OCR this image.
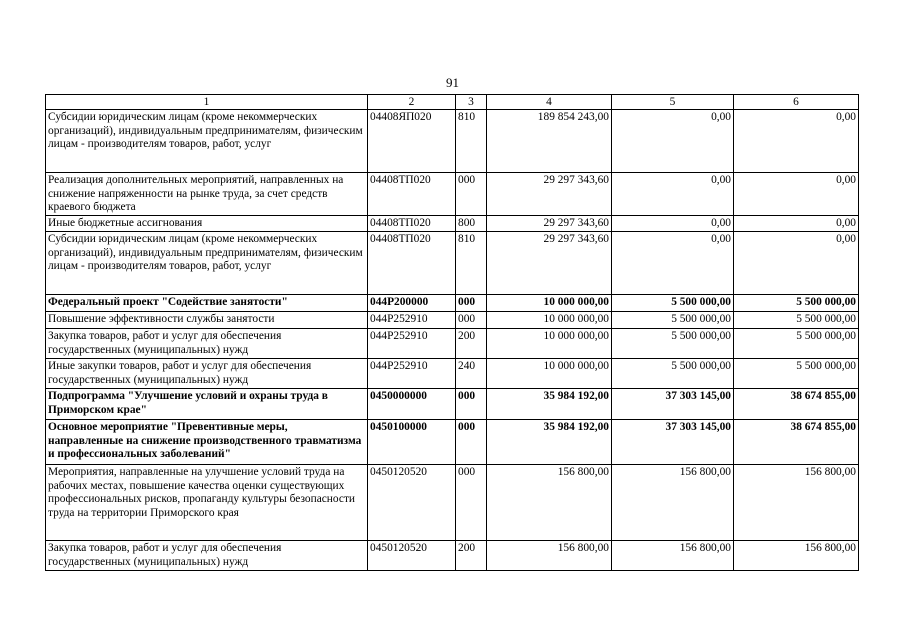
91
1	2	3	4	5	6
Субсидии юридическим лицам (кроме некоммерческих организаций), индивидуальным предпринимателям, физическим лицам - производителям товаров, работ, услуг	04408ЯП020	810	189 854 243,00	0,00	0,00
Реализация дополнительных мероприятий, направленных на снижение напряженности на рынке труда, за счет средств краевого бюджета	04408ТП020	000	29 297 343,60	0,00	0,00
Иные бюджетные ассигнования	04408ТП020	800	29 297 343,60	0,00	0,00
Субсидии юридическим лицам (кроме некоммерческих организаций), индивидуальным предпринимателям, физическим лицам - производителям товаров, работ, услуг	04408ТП020	810	29 297 343,60	0,00	0,00
Федеральный проект "Содействие занятости"	044P200000	000	10 000 000,00	5 500 000,00	5 500 000,00
Повышение эффективности службы занятости	044P252910	000	10 000 000,00	5 500 000,00	5 500 000,00
Закупка товаров, работ и услуг для обеспечения государственных (муниципальных) нужд	044P252910	200	10 000 000,00	5 500 000,00	5 500 000,00
Иные закупки товаров, работ и услуг для обеспечения государственных (муниципальных) нужд	044P252910	240	10 000 000,00	5 500 000,00	5 500 000,00
Подпрограмма "Улучшение условий и охраны труда в Приморском крае"	0450000000	000	35 984 192,00	37 303 145,00	38 674 855,00
Основное мероприятие "Превентивные меры, направленные на снижение производственного травматизма и профессиональных заболеваний"	0450100000	000	35 984 192,00	37 303 145,00	38 674 855,00
Мероприятия, направленные на улучшение условий труда на рабочих местах, повышение качества оценки существующих профессиональных рисков, пропаганду культуры безопасности труда на территории Приморского края	0450120520	000	156 800,00	156 800,00	156 800,00
Закупка товаров, работ и услуг для обеспечения государственных (муниципальных) нужд	0450120520	200	156 800,00	156 800,00	156 800,00
